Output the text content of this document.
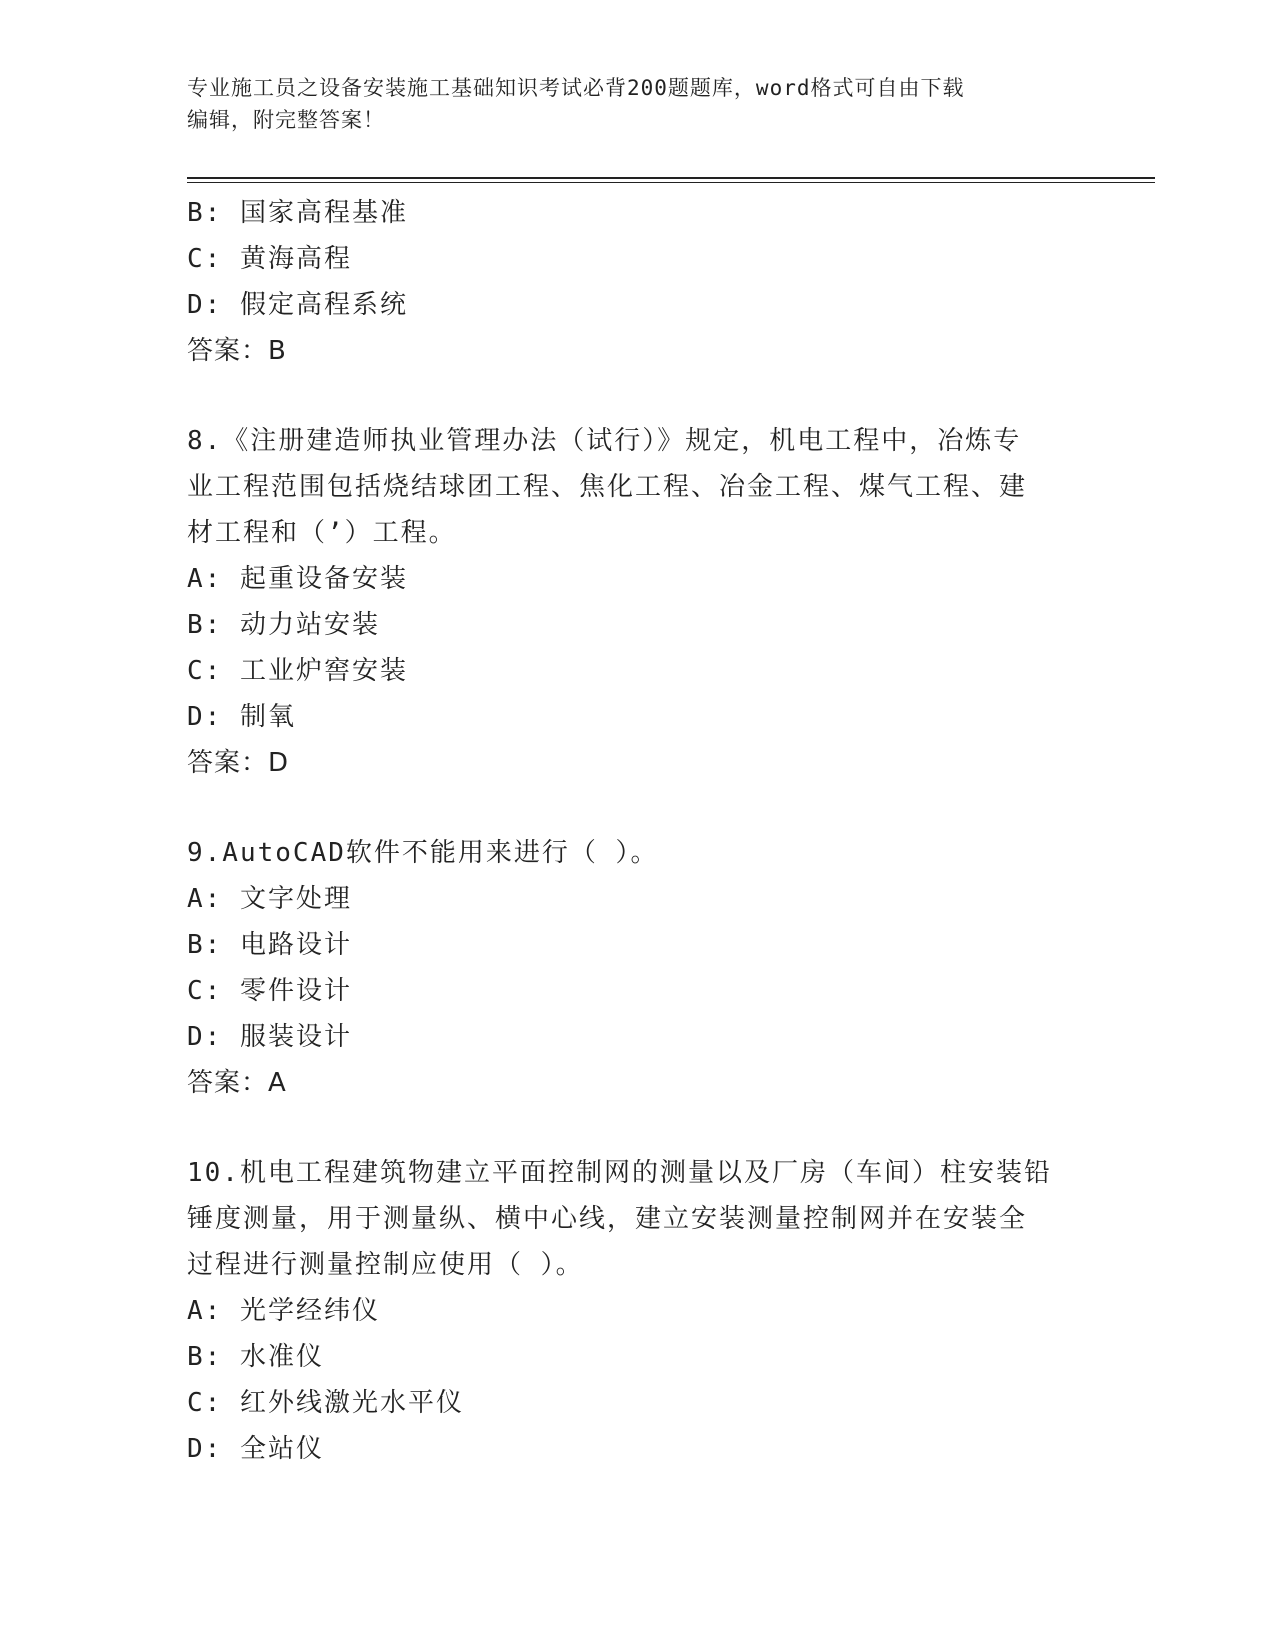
专业施工员之设备安装施工基础知识考试必背200题题库，word格式可自由下载
编辑，附完整答案！
B: 国家高程基准
C: 黄海高程
D: 假定高程系统
答案：B
8.《注册建造师执业管理办法（试行）》规定，机电工程中，冶炼专
业工程范围包括烧结球团工程、焦化工程、冶金工程、煤气工程、建
材工程和（’）工程。
A: 起重设备安装
B: 动力站安装
C: 工业炉窖安装
D: 制氧
答案：D
9.AutoCAD软件不能用来进行（ ）。
A: 文字处理
B: 电路设计
C: 零件设计
D: 服装设计
答案：A
10.机电工程建筑物建立平面控制网的测量以及厂房（车间）柱安装铅
锤度测量，用于测量纵、横中心线，建立安装测量控制网并在安装全
过程进行测量控制应使用（ ）。
A: 光学经纬仪
B: 水准仪
C: 红外线激光水平仪
D: 全站仪
